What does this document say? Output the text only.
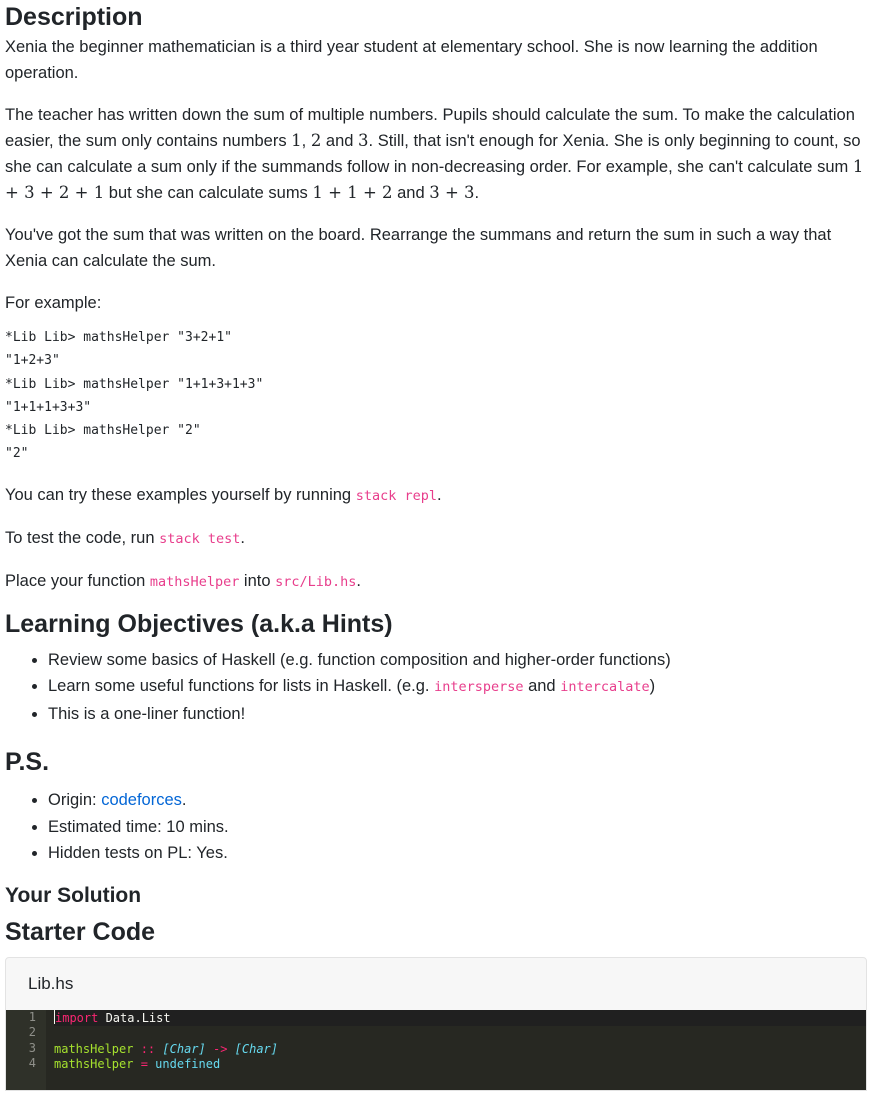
Description

Xenia the beginner mathematician is a third year student at elementary school. She is now learning the addition operation.

The teacher has written down the sum of multiple numbers. Pupils should calculate the sum. To make the calculation easier, the sum only contains numbers 1, 2 and 3. Still, that isn't enough for Xenia. She is only beginning to count, so she can calculate a sum only if the summands follow in non-decreasing order. For example, she can't calculate sum 1 + 3 + 2 + 1 but she can calculate sums 1 + 1 + 2 and 3 + 3.

You've got the sum that was written on the board. Rearrange the summans and return the sum in such a way that Xenia can calculate the sum.

For example:

*Lib Lib> mathsHelper "3+2+1"
"1+2+3"
*Lib Lib> mathsHelper "1+1+3+1+3"
"1+1+1+3+3"
*Lib Lib> mathsHelper "2"
"2"

You can try these examples yourself by running stack repl.

To test the code, run stack test.

Place your function mathsHelper into src/Lib.hs.

Learning Objectives (a.k.a Hints)
• Review some basics of Haskell (e.g. function composition and higher-order functions)
• Learn some useful functions for lists in Haskell. (e.g. intersperse and intercalate)
• This is a one-liner function!
P.S.
• Origin: codeforces.
• Estimated time: 10 mins.
• Hidden tests on PL: Yes.
Your Solution
Starter Code
Lib.hs
1
2
3
4
import Data.List

mathsHelper :: [Char] -> [Char]
mathsHelper = undefined
